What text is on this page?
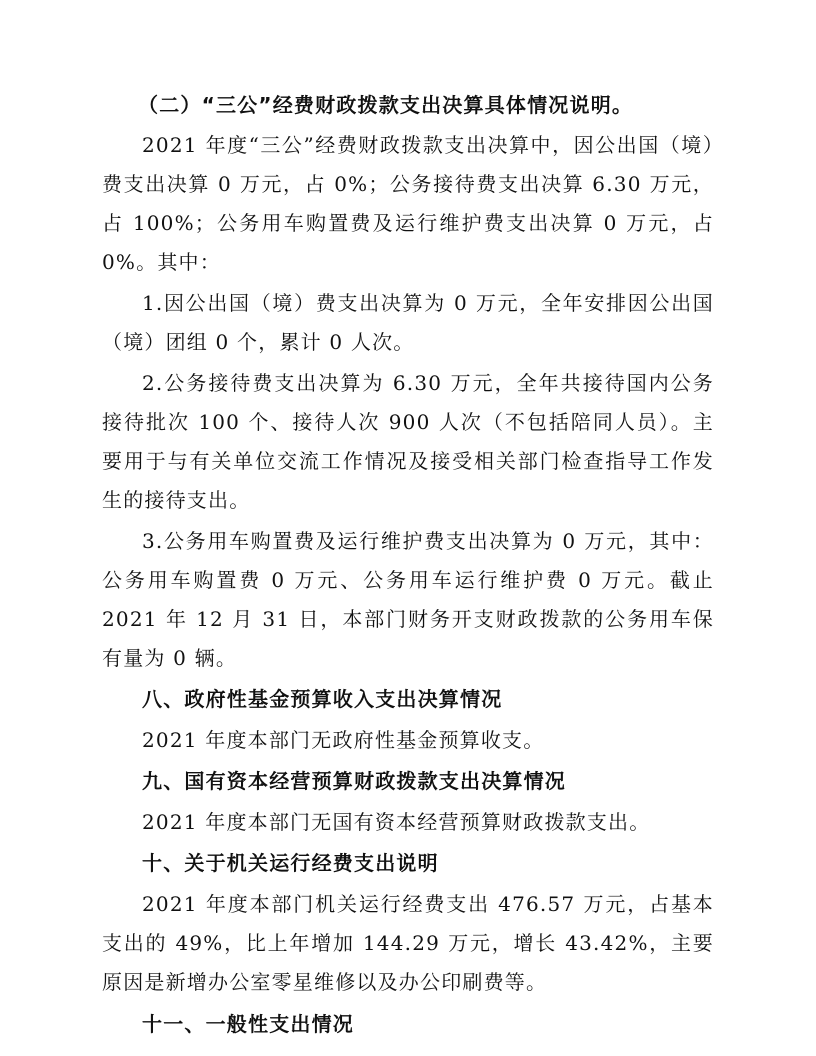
（二）“三公”经费财政拨款支出决算具体情况说明。

2021 年度“三公”经费财政拨款支出决算中，因公出国（境）费支出决算 0 万元，占 0%；公务接待费支出决算 6.30 万元，占 100%；公务用车购置费及运行维护费支出决算 0 万元，占 0%。其中：

1.因公出国（境）费支出决算为 0 万元，全年安排因公出国（境）团组 0 个，累计 0 人次。

2.公务接待费支出决算为 6.30 万元，全年共接待国内公务接待批次 100 个、接待人次 900 人次（不包括陪同人员）。主要用于与有关单位交流工作情况及接受相关部门检查指导工作发生的接待支出。

3.公务用车购置费及运行维护费支出决算为 0 万元，其中：公务用车购置费 0 万元、公务用车运行维护费 0 万元。截止 2021 年 12 月 31 日，本部门财务开支财政拨款的公务用车保有量为 0 辆。

八、政府性基金预算收入支出决算情况

2021 年度本部门无政府性基金预算收支。

九、国有资本经营预算财政拨款支出决算情况

2021 年度本部门无国有资本经营预算财政拨款支出。

十、关于机关运行经费支出说明

2021 年度本部门机关运行经费支出 476.57 万元，占基本支出的 49%，比上年增加 144.29 万元，增长 43.42%，主要原因是新增办公室零星维修以及办公印刷费等。

十一、一般性支出情况
